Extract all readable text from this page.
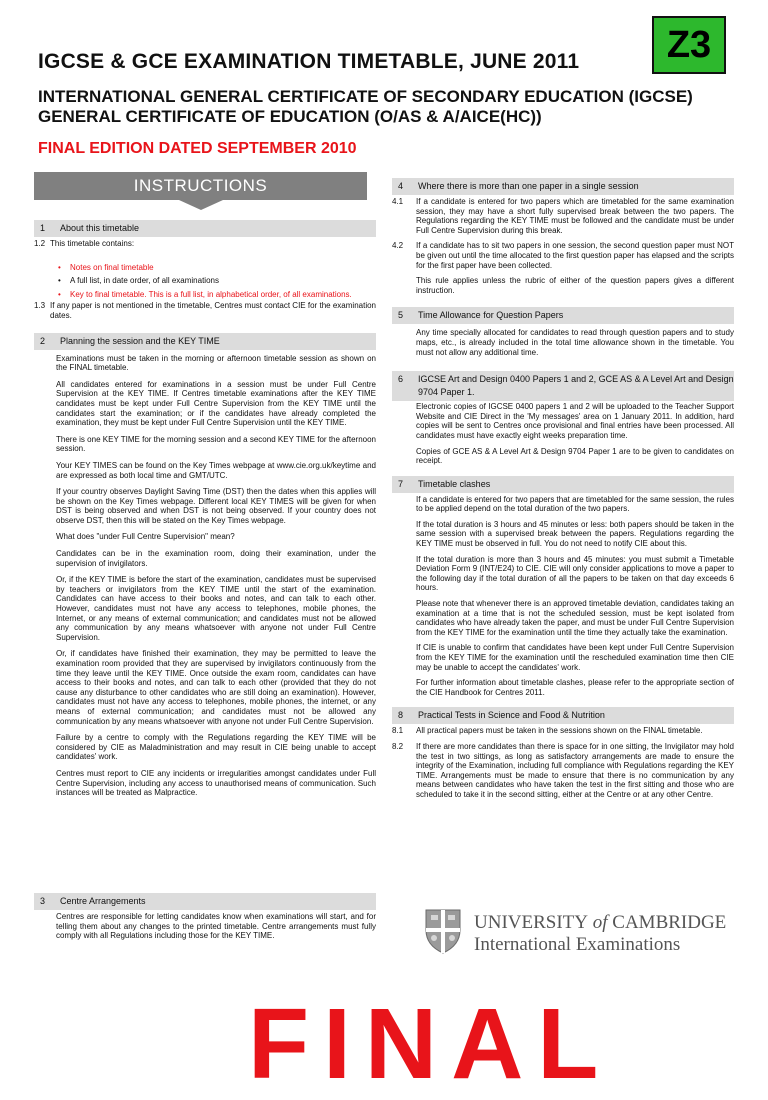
IGCSE & GCE EXAMINATION TIMETABLE, JUNE 2011	Z3
INTERNATIONAL GENERAL CERTIFICATE OF SECONDARY EDUCATION (IGCSE)
GENERAL CERTIFICATE OF EDUCATION (O/AS & A/AICE(HC))
FINAL EDITION DATED SEPTEMBER 2010
INSTRUCTIONS
1 About this timetable
1.2 This timetable contains:
• Notes on final timetable
• A full list, in date order, of all examinations
• Key to final timetable. This is a full list, in alphabetical order, of all examinations.
1.3 If any paper is not mentioned in the timetable, Centres must contact CIE for the examination dates.
2 Planning the session and the KEY TIME

Examinations must be taken in the morning or afternoon timetable session as shown on the FINAL timetable.

All candidates entered for examinations in a session must be under Full Centre Supervision at the KEY TIME. If Centres timetable examinations after the KEY TIME candidates must be kept under Full Centre Supervision from the KEY TIME until the candidates start the examination; or if the candidates have already completed the examination, they must be kept under Full Centre Supervision until the KEY TIME.

There is one KEY TIME for the morning session and a second KEY TIME for the afternoon session.

Your KEY TIMES can be found on the Key Times webpage at www.cie.org.uk/keytime and are expressed as both local time and GMT/UTC.

If your country observes Daylight Saving Time (DST) then the dates when this applies will be shown on the Key Times webpage. Different local KEY TIMES will be given for when DST is being observed and when DST is not being observed. If your country does not observe DST, then this will be stated on the Key Times webpage.

What does "under Full Centre Supervision" mean?

Candidates can be in the examination room, doing their examination, under the supervision of invigilators.

Or, if the KEY TIME is before the start of the examination, candidates must be supervised by teachers or invigilators from the KEY TIME until the start of the examination. Candidates can have access to their books and notes, and can talk to each other. However, candidates must not have any access to telephones, mobile phones, the Internet, or any means of external communication; and candidates must not be allowed any communication by any means whatsoever with anyone not under Full Centre Supervision.

Or, if candidates have finished their examination, they may be permitted to leave the examination room provided that they are supervised by invigilators continuously from the time they leave until the KEY TIME. Once outside the exam room, candidates can have access to their books and notes, and can talk to each other (provided that they do not cause any disturbance to other candidates who are still doing an examination). However, candidates must not have any access to telephones, mobile phones, the internet, or any means of external communication; and candidates must not be allowed any communication by any means whatsoever with anyone not under Full Centre Supervision.

Failure by a centre to comply with the Regulations regarding the KEY TIME will be considered by CIE as Maladministration and may result in CIE being unable to accept candidates' work.

Centres must report to CIE any incidents or irregularities amongst candidates under Full Centre Supervision, including any access to unauthorised means of communication. Such instances will be treated as Malpractice.

3 Centre Arrangements

Centres are responsible for letting candidates know when examinations will start, and for telling them about any changes to the printed timetable. Centre arrangements must fully comply with all Regulations including those for the KEY TIME.

4 Where there is more than one paper in a single session
4.1	If a candidate is entered for two papers which are timetabled for the same examination session, they may have a short fully supervised break between the two papers. The Regulations regarding the KEY TIME must be followed and the candidate must be under Full Centre Supervision during this break.
4.2	If a candidate has to sit two papers in one session, the second question paper must NOT be given out until the time allocated to the first question paper has elapsed and the scripts for the first paper have been collected.

This rule applies unless the rubric of either of the question papers gives a different instruction.

5 Time Allowance for Question Papers

Any time specially allocated for candidates to read through question papers and to study maps, etc., is already included in the total time allowance shown in the timetable. You must not allow any additional time.

6	IGCSE Art and Design 0400 Papers 1 and 2, GCE AS & A Level Art and Design 9704 Paper 1.

Electronic copies of IGCSE 0400 papers 1 and 2 will be uploaded to the Teacher Support Website and CIE Direct in the 'My messages' area on 1 January 2011. In addition, hard copies will be sent to Centres once provisional and final entries have been processed. All candidates must have exactly eight weeks preparation time.

Copies of GCE AS & A Level Art & Design 9704 Paper 1 are to be given to candidates on receipt.

7 Timetable clashes

If a candidate is entered for two papers that are timetabled for the same session, the rules to be applied depend on the total duration of the two papers.

If the total duration is 3 hours and 45 minutes or less: both papers should be taken in the same session with a supervised break between the papers. Regulations regarding the KEY TIME must be observed in full. You do not need to notify CIE about this.

If the total duration is more than 3 hours and 45 minutes: you must submit a Timetable Deviation Form 9 (INT/E24) to CIE. CIE will only consider applications to move a paper to the following day if the total duration of all the papers to be taken on that day exceeds 6 hours.

Please note that whenever there is an approved timetable deviation, candidates taking an examination at a time that is not the scheduled session, must be kept isolated from candidates who have already taken the paper, and must be under Full Centre Supervision from the KEY TIME for the examination until the time they actually take the examination.

If CIE is unable to confirm that candidates have been kept under Full Centre Supervision from the KEY TIME for the examination until the rescheduled examination time then CIE may be unable to accept the candidates' work.

For further information about timetable clashes, please refer to the appropriate section of the CIE Handbook for Centres 2011.

8 Practical Tests in Science and Food & Nutrition
8.1	All practical papers must be taken in the sessions shown on the FINAL timetable.
8.2	If there are more candidates than there is space for in one sitting, the Invigilator may hold the test in two sittings, as long as satisfactory arrangements are made to ensure the integrity of the Examination, including full compliance with Regulations regarding the KEY TIME. Arrangements must be made to ensure that there is no communication by any means between candidates who have taken the test in the first sitting and those who are scheduled to take it in the second sitting, either at the Centre or at any other Centre.
UNIVERSITY of CAMBRIDGE
International Examinations
FINAL
